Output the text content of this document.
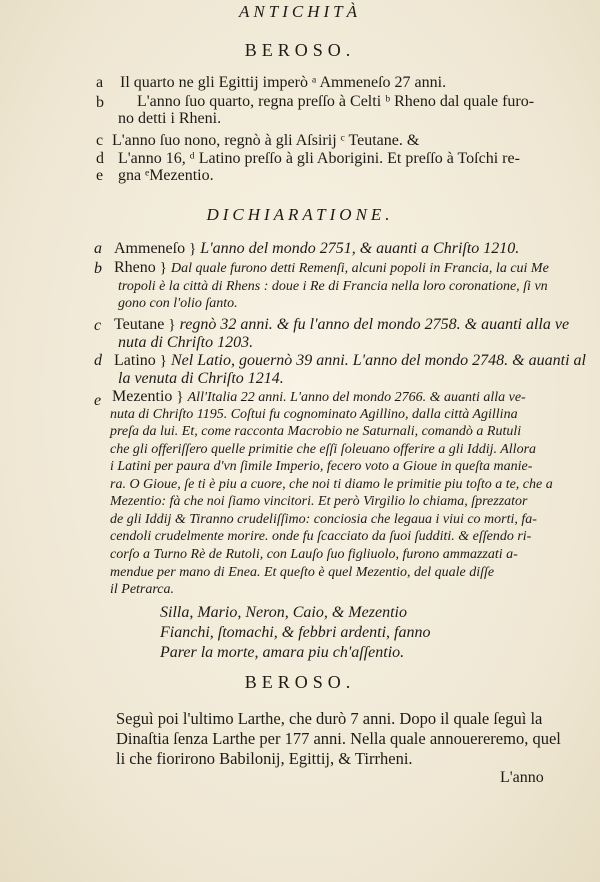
ANTICHITÀ
BEROSO.
a Il quarto ne gli Egittij imperò ᵃ Ammeneſo 27 anni.
b L'anno ſuo quarto, regna preſſo à Celti ᵇ Rheno dal quale furo-
no detti i Rheni.
c L'anno ſuo nono, regnò à gli Aſsirij ᶜ Teutane. &
d L'anno 16, ᵈ Latino preſſo à gli Aborigini. Et preſſo à Toſchi re-
e gna ᵉMezentio.
DICHIARATIONE.
a Ammeneſo } L'anno del mondo 2751, & auanti a Chriſto 1210.
b Rheno } Dal quale furono detti Remenſi, alcuni popoli in Francia, la cui Me
tropoli è la città di Rhens : doue i Re di Francia nella loro coronatione, ſi vn
gono con l'olio ſanto.
c Teutane } regnò 32 anni. & fu l'anno del mondo 2758. & auanti alla ve
nuta di Chriſto 1203.
d Latino } Nel Latio, gouernò 39 anni. L'anno del mondo 2748. & auanti al
la venuta di Chriſto 1214.
e Mezentio } All'Italia 22 anni. L'anno del mondo 2766. & auanti alla ve-
nuta di Chriſto 1195. Coſtui fu cognominato Agillino, dalla città Agillina
preſa da lui. Et, come racconta Macrobio ne Saturnali, comandò a Rutuli
che gli offeriſſero quelle primitie che eſſi ſoleuano offerire a gli Iddij. Allora
i Latini per paura d'vn ſimile Imperio, fecero voto a Gioue in queſta manie-
ra. O Gioue, ſe ti è piu a cuore, che noi ti diamo le primitie piu toſto a te, che a
Mezentio: fà che noi ſiamo vincitori. Et però Virgilio lo chiama, ſprezzator
de gli Iddij & Tiranno crudeliſſimo: conciosia che legaua i viui co morti, fa-
cendoli crudelmente morire. onde fu ſcacciato da ſuoi ſudditi. & eſſendo ri-
corſo a Turno Rè de Rutoli, con Lauſo ſuo figliuolo, furono ammazzati a-
mendue per mano di Enea. Et queſto è quel Mezentio, del quale diſſe
il Petrarca.
Silla, Mario, Neron, Caio, & Mezentio
Fianchi, ſtomachi, & febbri ardenti, fanno
Parer la morte, amara piu ch'aſſentio.
BEROSO.
Seguì poi l'ultimo Larthe, che durò 7 anni. Dopo il quale ſeguì la
Dinaſtia ſenza Larthe per 177 anni. Nella quale annouereremo, quel
li che fiorirono Babilonij, Egittij, & Tirrheni.
L'anno
